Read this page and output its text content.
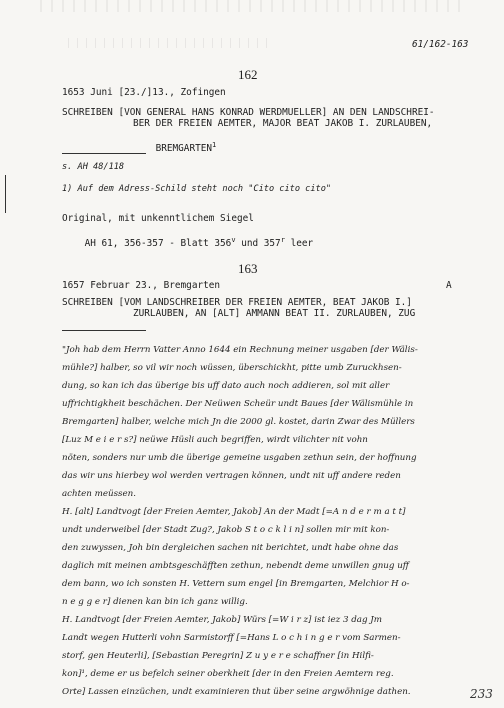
61/162-163
162
1653 Juni [23./]13., Zofingen
SCHREIBEN [VON GENERAL HANS KONRAD WERDMUELLER] AN DEN LANDSCHREI-
BER DER FREIEN AEMTER, MAJOR BEAT JAKOB I. ZURLAUBEN,

BREMGARTEN$^1$

s. AH 48/118
1) Auf dem Adress-Schild steht noch "Cito cito cito"
Original, mit unkenntlichem Siegel

AH 61, 356-357 - Blatt 356$^v$ und 357$^r$ leer

163
1657 Februar 23., Bremgarten	A
SCHREIBEN [VOM LANDSCHREIBER DER FREIEN AEMTER, BEAT JAKOB I.]
ZURLAUBEN, AN [ALT] AMMANN BEAT II. ZURLAUBEN, ZUG
"Joh hab dem Herrn Vatter Anno 1644 ein Rechnung meiner usgaben [der Wälis-
mühle?] halber, so vil wir noch wüssen, überschickht, pitte umb Zuruckhsen-
dung, so kan ich das überige bis uff dato auch noch addieren, sol mit aller
uffrichtigkheit beschächen. Der Neüwen Scheür undt Baues [der Wälismühle in
Bremgarten] halber, welche mich Jn die 2000 gl. kostet, darin Zwar des Müllers
[Luz M e i e r s?] neüwe Hüsli auch begriffen, wirdt vilichter nit vohn
nöten, sonders nur umb die überige gemeine usgaben zethun sein, der hoffnung
das wir uns hierbey wol werden vertragen können, undt nit uff andere reden
achten meüssen.
H. [alt] Landtvogt [der Freien Aemter, Jakob] An der Madt [=A n d e r m a t t]
undt underweibel [der Stadt Zug?, Jakob S t o c k l i n] sollen mir mit kon-
den zuwyssen, Joh bin dergleichen sachen nit berichtet, undt habe ohne das
daglich mit meinen ambtsgeschäfften zethun, nebendt deme unwillen gnug uff
dem bann, wo ich sonsten H. Vettern sum engel [in Bremgarten, Melchior H o-
n e g g e r] dienen kan bin ich ganz willig.
H. Landtvogt [der Freien Aemter, Jakob] Würs [=W i r z] ist iez 3 dag Jm
Landt wegen Hutterli vohn Sarmistorff [=Hans L o c h i n g e r vom Sarmen-
storf, gen Heuterli], [Sebastian Peregrin] Z u y e r e schaffner [in Hilfi-
kon]¹, deme er us befelch seiner oberkheit [der in den Freien Aemtern reg.
Orte] Lassen einzüchen, undt examinieren thut über seine argwöhnige dathen.	233
